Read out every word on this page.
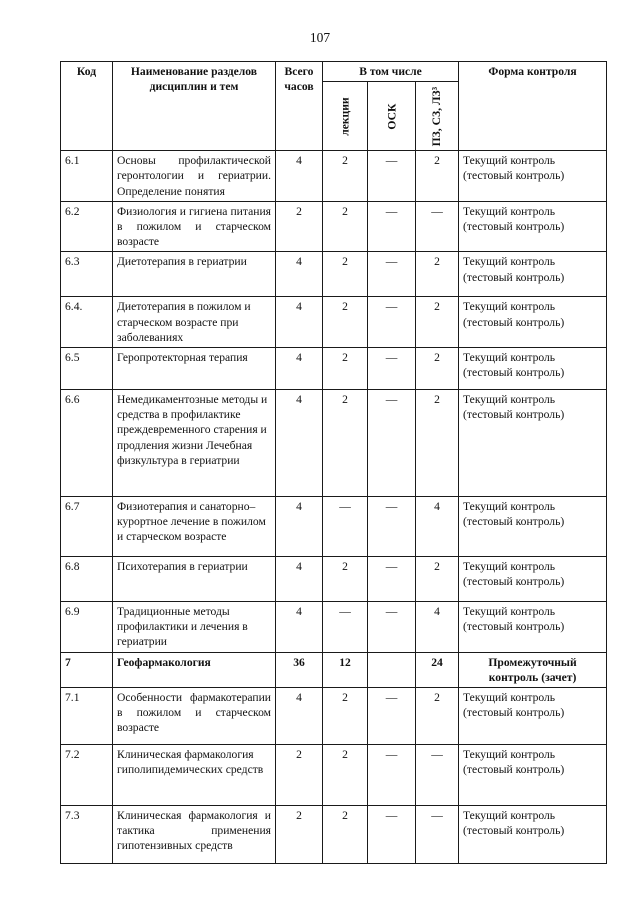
107
Код	Наименование разделов дисциплин и тем	Всего часов	В том числе			Форма контроля

			лекции	ОСК	ПЗ, СЗ, ЛЗ³	

6.1	Основы профилактической геронтологии и гериатрии. Определение понятия	4	2	—	2	Текущий контроль (тестовый контроль)
6.2	Физиология и гигиена питания в пожилом и старческом возрасте	2	2	—	—	Текущий контроль (тестовый контроль)
6.3	Диетотерапия в гериатрии	4	2	—	2	Текущий контроль (тестовый контроль)
6.4.	Диетотерапия в пожилом и старческом возрасте при заболеваниях	4	2	—	2	Текущий контроль (тестовый контроль)
6.5	Геропротекторная терапия	4	2	—	2	Текущий контроль (тестовый контроль)
6.6	Немедикаментозные методы и средства в профилактике преждевременного старения и продления жизни Лечебная физкультура в гериатрии	4	2	—	2	Текущий контроль (тестовый контроль)
6.7	Физиотерапия и санаторно–курортное лечение в пожилом и старческом возрасте	4	—	—	4	Текущий контроль (тестовый контроль)
6.8	Психотерапия в гериатрии	4	2	—	2	Текущий контроль (тестовый контроль)
6.9	Традиционные методы профилактики и лечения в гериатрии	4	—	—	4	Текущий контроль (тестовый контроль)
7	Геофармакология	36	12		24	Промежуточный контроль (зачет)
7.1	Особенности фармакотерапии в пожилом и старческом возрасте	4	2	—	2	Текущий контроль (тестовый контроль)
7.2	Клиническая фармакология гиполипидемических средств	2	2	—	—	Текущий контроль (тестовый контроль)
7.3	Клиническая фармакология и тактика применения гипотензивных средств	2	2	—	—	Текущий контроль (тестовый контроль)
